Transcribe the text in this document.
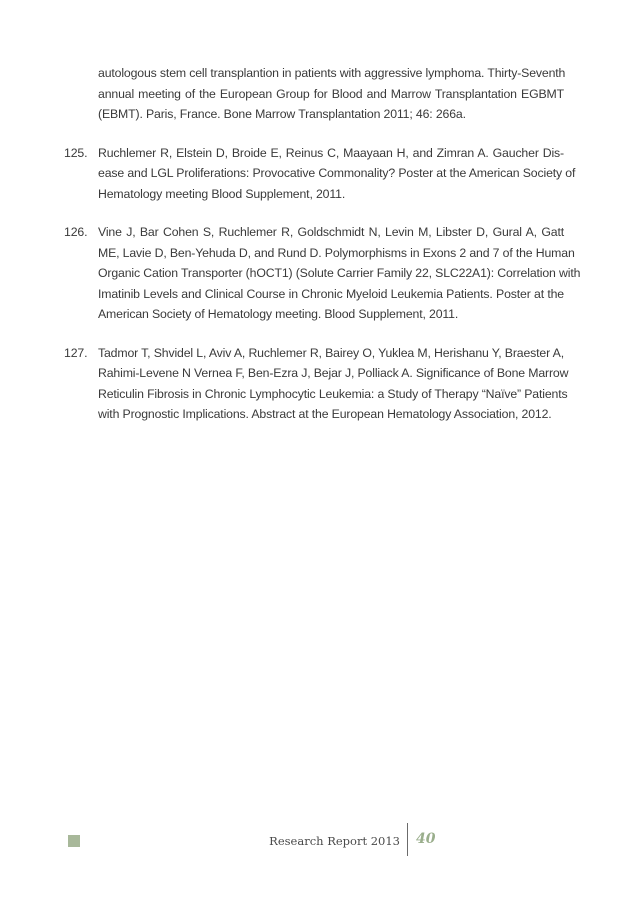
autologous stem cell transplantion in patients with aggressive lymphoma. Thirty-Seventh
annual meeting of the European Group for Blood and Marrow Transplantation EGBMT
(EBMT). Paris, France. Bone Marrow Transplantation 2011; 46: 266a.
125. Ruchlemer R, Elstein D, Broide E, Reinus C, Maayaan H, and Zimran A. Gaucher Dis-
ease and LGL Proliferations: Provocative Commonality? Poster at the American Society of
Hematology meeting Blood Supplement, 2011.
126. Vine J, Bar Cohen S, Ruchlemer R, Goldschmidt N, Levin M, Libster D, Gural A, Gatt
ME, Lavie D, Ben-Yehuda D, and Rund D. Polymorphisms in Exons 2 and 7 of the Human
Organic Cation Transporter (hOCT1) (Solute Carrier Family 22, SLC22A1): Correlation with
Imatinib Levels and Clinical Course in Chronic Myeloid Leukemia Patients. Poster at the
American Society of Hematology meeting. Blood Supplement, 2011.
127. Tadmor T, Shvidel L, Aviv A, Ruchlemer R, Bairey O, Yuklea M, Herishanu Y, Braester A,
Rahimi-Levene N Vernea F, Ben-Ezra J, Bejar J, Polliack A. Significance of Bone Marrow
Reticulin Fibrosis in Chronic Lymphocytic Leukemia: a Study of Therapy “Naïve” Patients
with Prognostic Implications. Abstract at the European Hematology Association, 2012.
Research Report 2013 40
